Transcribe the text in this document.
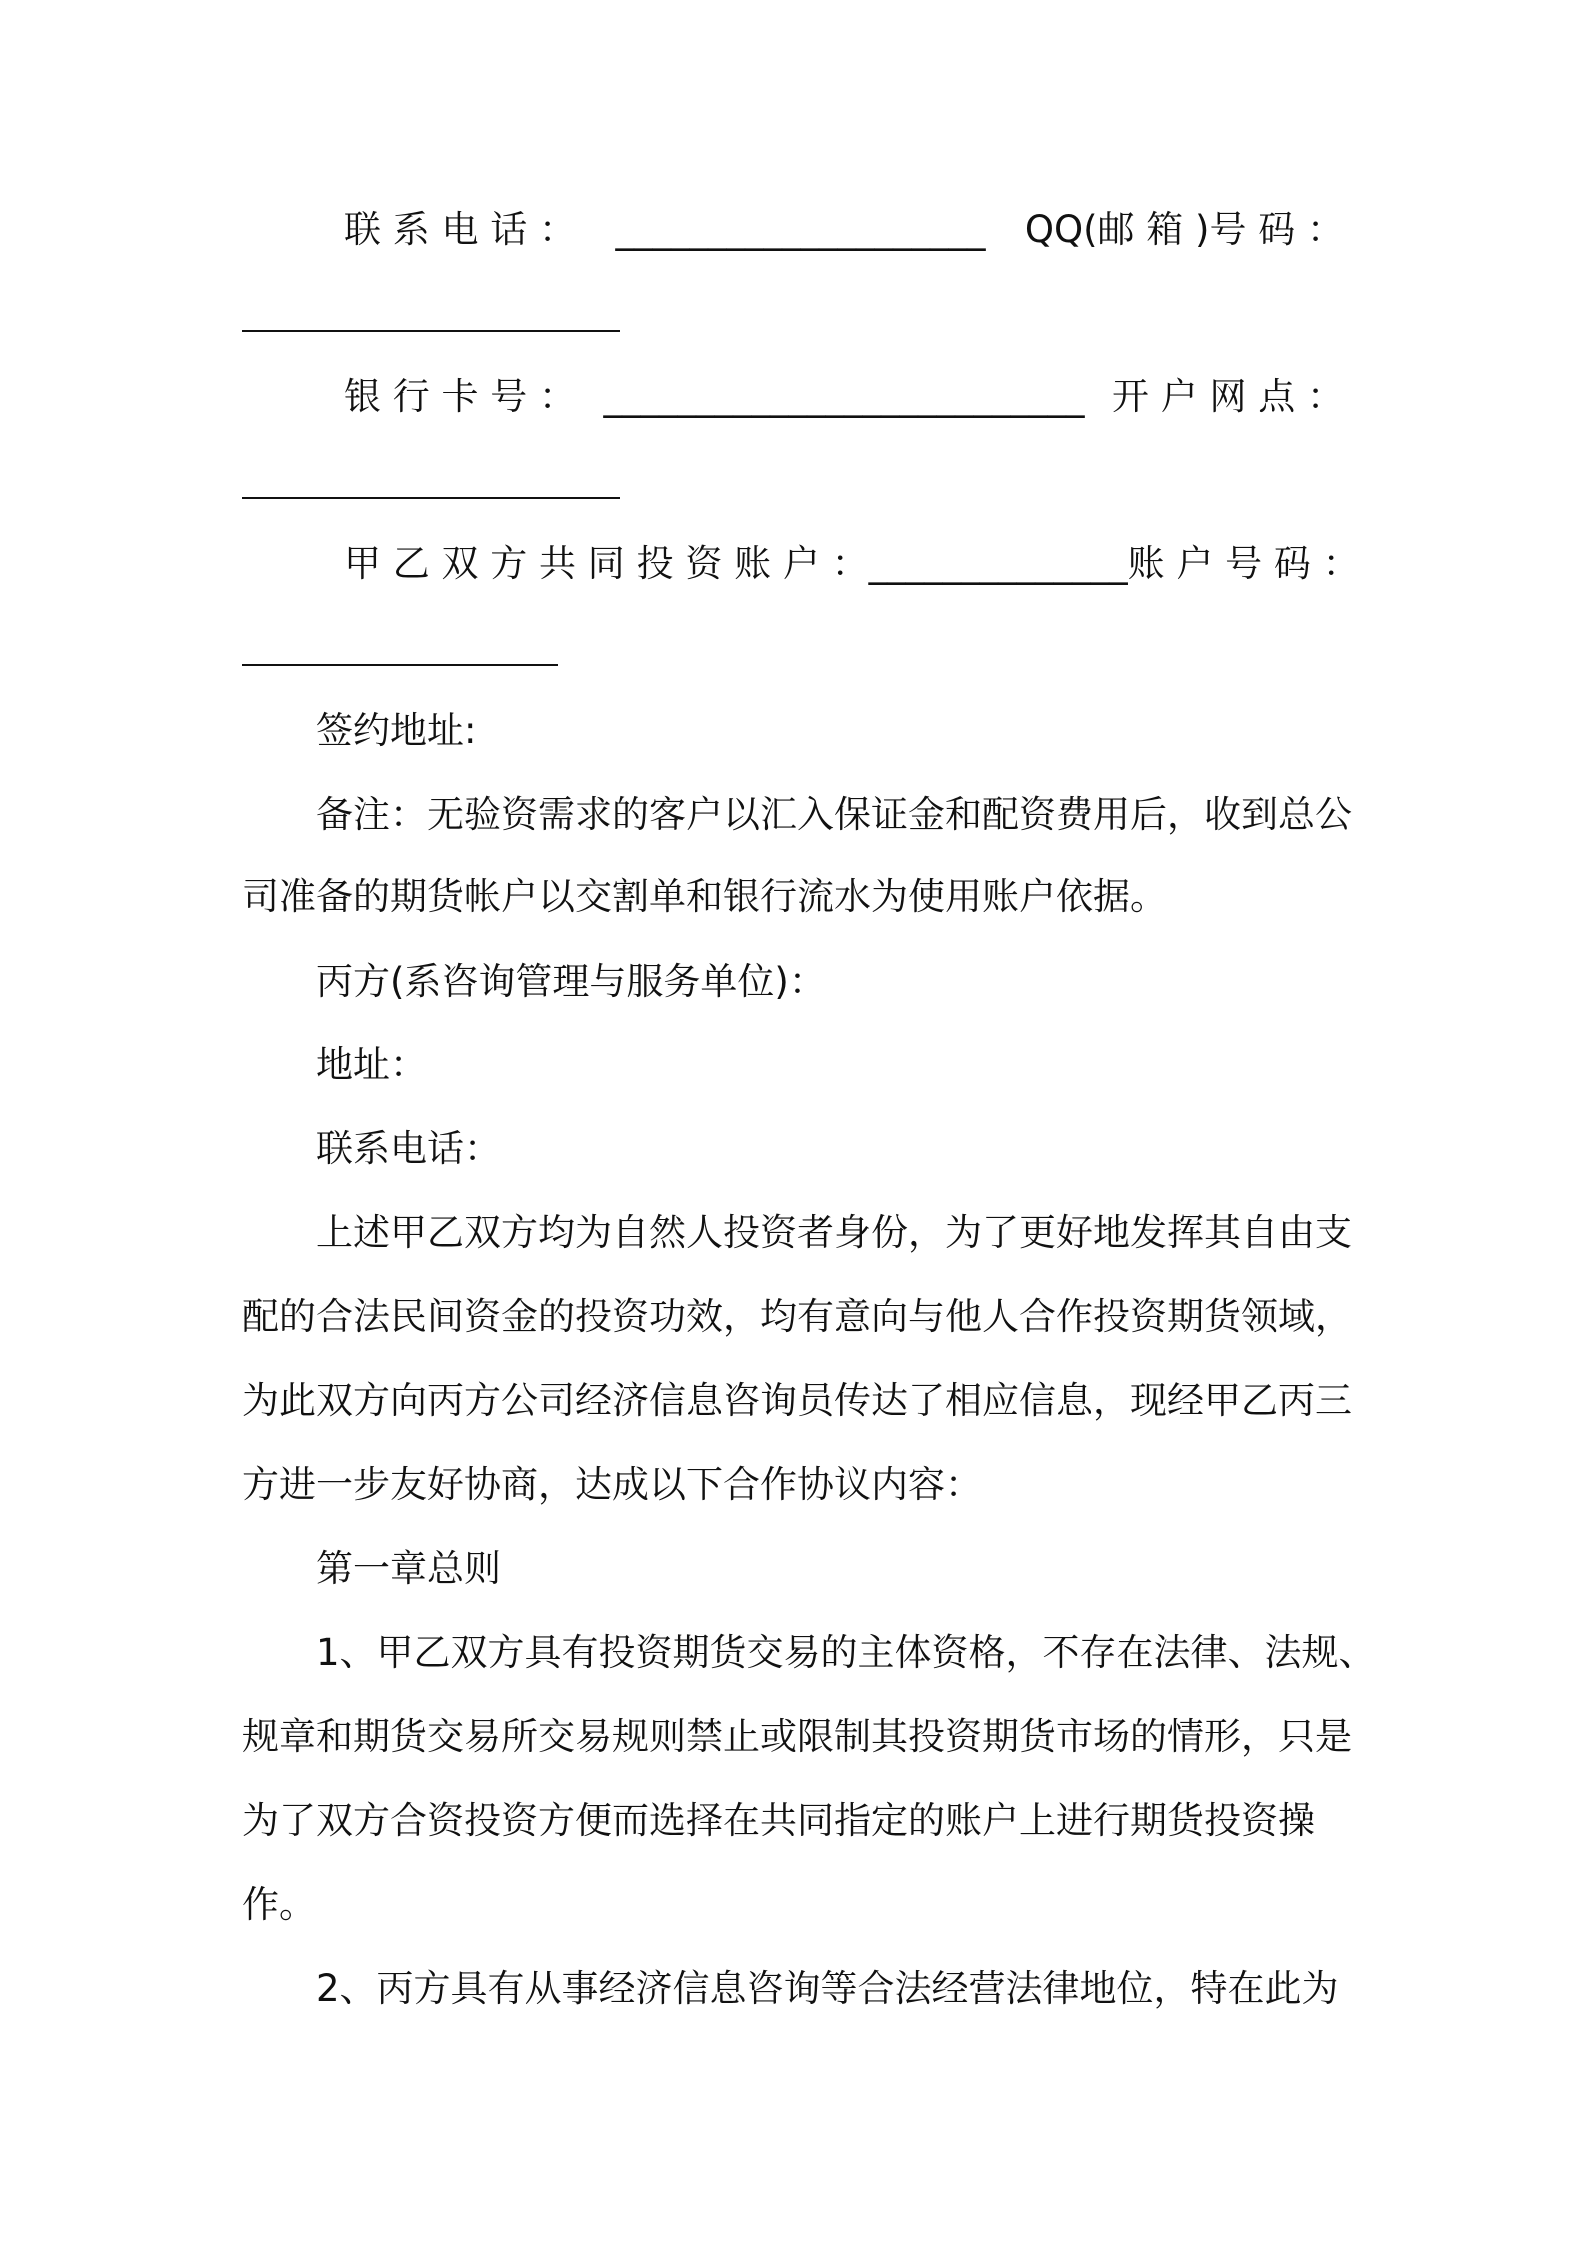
联 系 电 话 ： ____________________ QQ(邮 箱 )号 码 ：
银 行 卡 号 ： __________________________ 开 户 网 点 ：
甲 乙 双 方 共 同 投 资 账 户 ： ______________ 账 户 号 码 ：
签约地址:
备注：无验资需求的客户以汇入保证金和配资费用后，收到总公
司准备的期货帐户以交割单和银行流水为使用账户依据。
丙方(系咨询管理与服务单位)：
地址：
联系电话：
上述甲乙双方均为自然人投资者身份，为了更好地发挥其自由支
配的合法民间资金的投资功效，均有意向与他人合作投资期货领域，
为此双方向丙方公司经济信息咨询员传达了相应信息，现经甲乙丙三
方进一步友好协商，达成以下合作协议内容：
第一章总则
1、甲乙双方具有投资期货交易的主体资格，不存在法律、法规、
规章和期货交易所交易规则禁止或限制其投资期货市场的情形，只是
为了双方合资投资方便而选择在共同指定的账户上进行期货投资操
作。
2、丙方具有从事经济信息咨询等合法经营法律地位，特在此为
